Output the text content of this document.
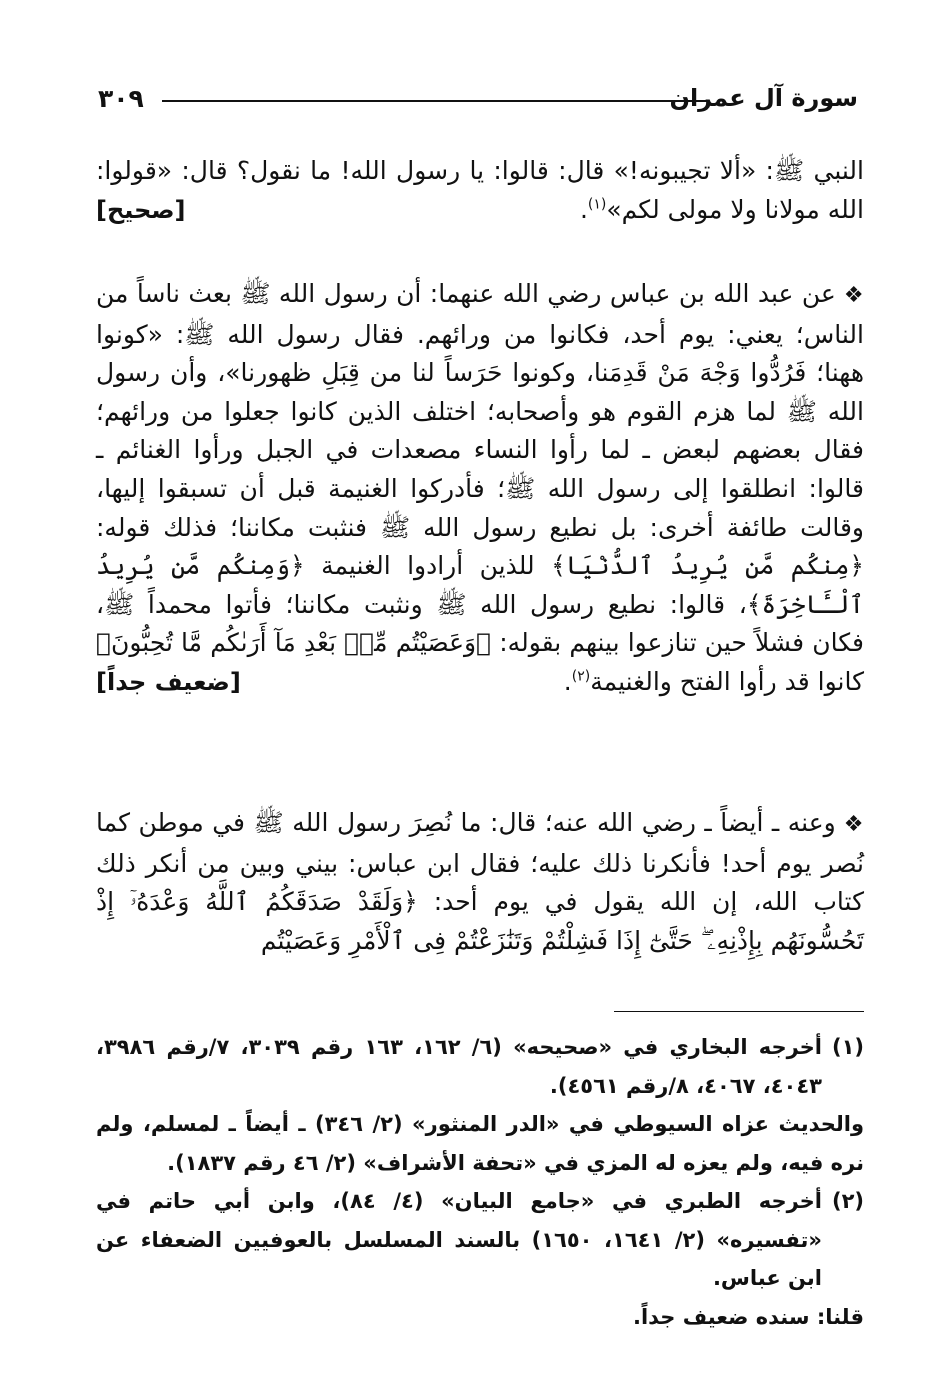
٣٠٩	سورة آل عمران

النبي ﷺ: «ألا تجيبونه!» قال: قالوا: يا رسول الله! ما نقول؟ قال: «قولوا: الله مولانا ولا مولى لكم»$^{(١)}$.
[صحيح]

❖عن عبد الله بن عباس رضي الله عنهما: أن رسول الله ﷺ بعث ناساً من الناس؛ يعني: يوم أحد، فكانوا من ورائهم. فقال رسول الله ﷺ: «كونوا ههنا؛ فَرُدُّوا وَجْهَ مَنْ قَدِمَنا، وكونوا حَرَساً لنا من قِبَلِ ظهورنا»، وأن رسول الله ﷺ لما هزم القوم هو وأصحابه؛ اختلف الذين كانوا جعلوا من ورائهم؛ فقال بعضهم لبعض ـ لما رأوا النساء مصعدات في الجبل ورأوا الغنائم ـ قالوا: انطلقوا إلى رسول الله ﷺ؛ فأدركوا الغنيمة قبل أن تسبقوا إليها، وقالت طائفة أخرى: بل نطيع رسول الله ﷺ فنثبت مكاننا؛ فذلك قوله: ﴿مِنكُم مَّن يُرِيدُ ٱلدُّنْيَا﴾ للذين أرادوا الغنيمة ﴿وَمِنكُم مَّن يُرِيدُ ٱلْـَٔاخِرَةَ﴾، قالوا: نطيع رسول الله ﷺ ونثبت مكاننا؛ فأتوا محمداً ﷺ، فكان فشلاً حين تنازعوا بينهم بقوله: ﴿وَعَصَيْتُم مِّنۢ بَعْدِ مَآ أَرَىٰكُم مَّا تُحِبُّونَ﴾ كانوا قد رأوا الفتح والغنيمة$^{(٢)}$.
[ضعيف جداً]

❖وعنه ـ أيضاً ـ رضي الله عنه؛ قال: ما نُصِرَ رسول الله ﷺ في موطن كما نُصر يوم أحد! فأنكرنا ذلك عليه؛ فقال ابن عباس: بيني وبين من أنكر ذلك كتاب الله، إن الله يقول في يوم أحد: ﴿وَلَقَدْ صَدَقَكُمُ ٱللَّهُ وَعْدَهُۥٓ إِذْ تَحُسُّونَهُم بِإِذْنِهِۦ ۖ حَتَّىٰٓ إِذَا فَشِلْتُمْ وَتَنَٰزَعْتُمْ فِى ٱلْأَمْرِ وَعَصَيْتُم

(١)
أخرجه البخاري في «صحيحه» (٦/ ١٦٢، ١٦٣ رقم ٣٠٣٩، ٧/رقم ٣٩٨٦، ٤٠٤٣، ٤٠٦٧، ٨/رقم ٤٥٦١).
والحديث عزاه السيوطي في «الدر المنثور» (٢/ ٣٤٦) ـ أيضاً ـ لمسلم، ولم نره فيه، ولم يعزه له المزي في «تحفة الأشراف» (٢/ ٤٦ رقم ١٨٣٧).
(٢)
أخرجه الطبري في «جامع البيان» (٤/ ٨٤)، وابن أبي حاتم في «تفسيره» (٢/ ١٦٤١، ١٦٥٠) بالسند المسلسل بالعوفيين الضعفاء عن ابن عباس.
قلنا: سنده ضعيف جداً.
